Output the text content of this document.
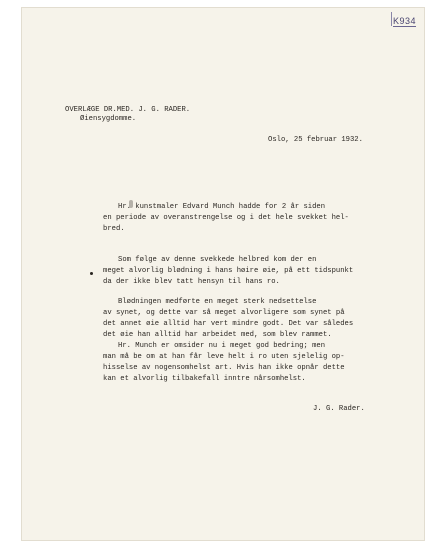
K934
OVERLÆGE DR.MED. J. G. RADER.
Øiensygdomme.
Oslo, 25 februar 1932.
Hr. kunstmaler Edvard Munch hadde for 2 år siden
en periode av overanstrengelse og i det hele svekket hel-
bred.
Som følge av denne svekkede helbred kom der en
meget alvorlig blødning i hans høire øie, på ett tidspunkt
da der ikke blev tatt hensyn til hans ro.
Blødningen medførte en meget sterk nedsettelse
av synet, og dette var så meget alvorligere som synet på
det annet øie alltid har vert mindre godt. Det var således
det øie han alltid har arbeidet med, som blev rammet.
Hr. Munch er omsider nu i meget god bedring; men
man må be om at han får leve helt i ro uten sjelelig op-
hisselse av nogensomhelst art. Hvis han ikke opnår dette
kan et alvorlig tilbakefall inntre nårsomhelst.
J. G. Rader.
